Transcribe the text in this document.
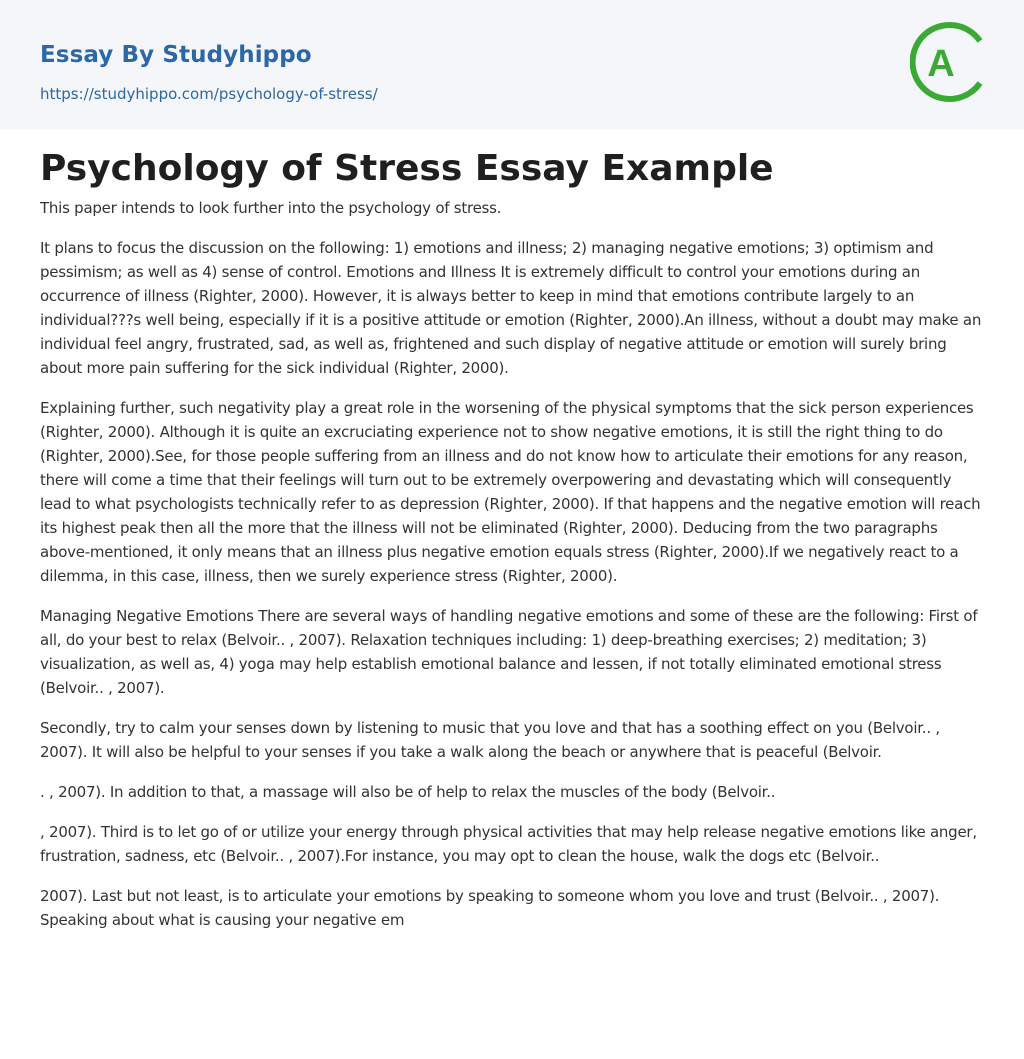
Essay By Studyhippo
https://studyhippo.com/psychology-of-stress/
A
Psychology of Stress Essay Example

This paper intends to look further into the psychology of stress.

It plans to focus the discussion on the following: 1) emotions and illness; 2) managing negative emotions; 3) optimism and pessimism; as well as 4) sense of control. Emotions and Illness It is extremely difficult to control your emotions during an occurrence of illness (Righter, 2000). However, it is always better to keep in mind that emotions contribute largely to an individual???s well being, especially if it is a positive attitude or emotion (Righter, 2000).An illness, without a doubt may make an individual feel angry, frustrated, sad, as well as, frightened and such display of negative attitude or emotion will surely bring about more pain suffering for the sick individual (Righter, 2000).

Explaining further, such negativity play a great role in the worsening of the physical symptoms that the sick person experiences (Righter, 2000). Although it is quite an excruciating experience not to show negative emotions, it is still the right thing to do (Righter, 2000).See, for those people suffering from an illness and do not know how to articulate their emotions for any reason, there will come a time that their feelings will turn out to be extremely overpowering and devastating which will consequently lead to what psychologists technically refer to as depression (Righter, 2000). If that happens and the negative emotion will reach its highest peak then all the more that the illness will not be eliminated (Righter, 2000). Deducing from the two paragraphs above-mentioned, it only means that an illness plus negative emotion equals stress (Righter, 2000).If we negatively react to a dilemma, in this case, illness, then we surely experience stress (Righter, 2000).

Managing Negative Emotions There are several ways of handling negative emotions and some of these are the following: First of all, do your best to relax (Belvoir.. , 2007). Relaxation techniques including: 1) deep-breathing exercises; 2) meditation; 3) visualization, as well as, 4) yoga may help establish emotional balance and lessen, if not totally eliminated emotional stress (Belvoir.. , 2007).

Secondly, try to calm your senses down by listening to music that you love and that has a soothing effect on you (Belvoir.. , 2007). It will also be helpful to your senses if you take a walk along the beach or anywhere that is peaceful (Belvoir.

. , 2007). In addition to that, a massage will also be of help to relax the muscles of the body (Belvoir..

, 2007). Third is to let go of or utilize your energy through physical activities that may help release negative emotions like anger, frustration, sadness, etc (Belvoir.. , 2007).For instance, you may opt to clean the house, walk the dogs etc (Belvoir..

2007). Last but not least, is to articulate your emotions by speaking to someone whom you love and trust (Belvoir.. , 2007). Speaking about what is causing your negative em
